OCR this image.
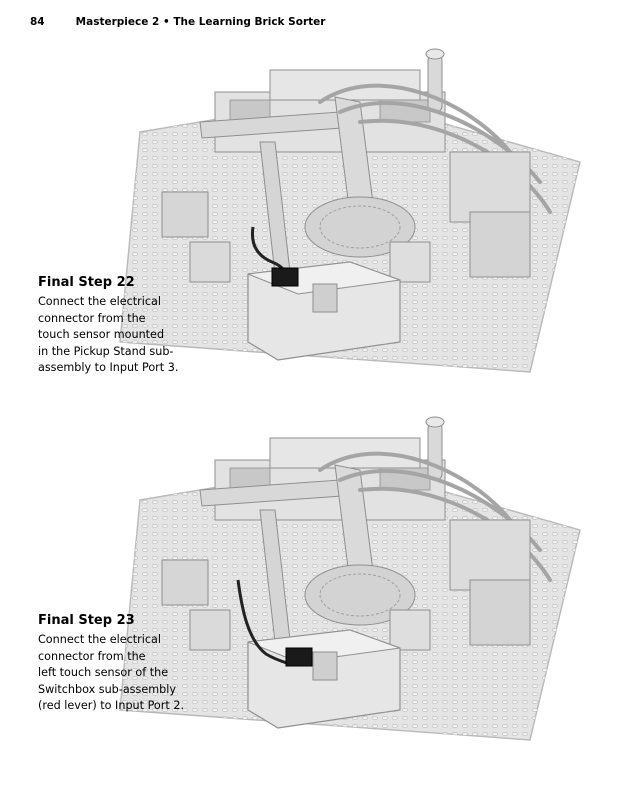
84	Masterpiece 2 • The Learning Brick Sorter
Final Step 22
Connect the electrical
connector from the
touch sensor mounted
in the Pickup Stand sub-
assembly to Input Port 3.
Final Step 23
Connect the electrical
connector from the
left touch sensor of the
Switchbox sub-assembly
(red lever) to Input Port 2.
